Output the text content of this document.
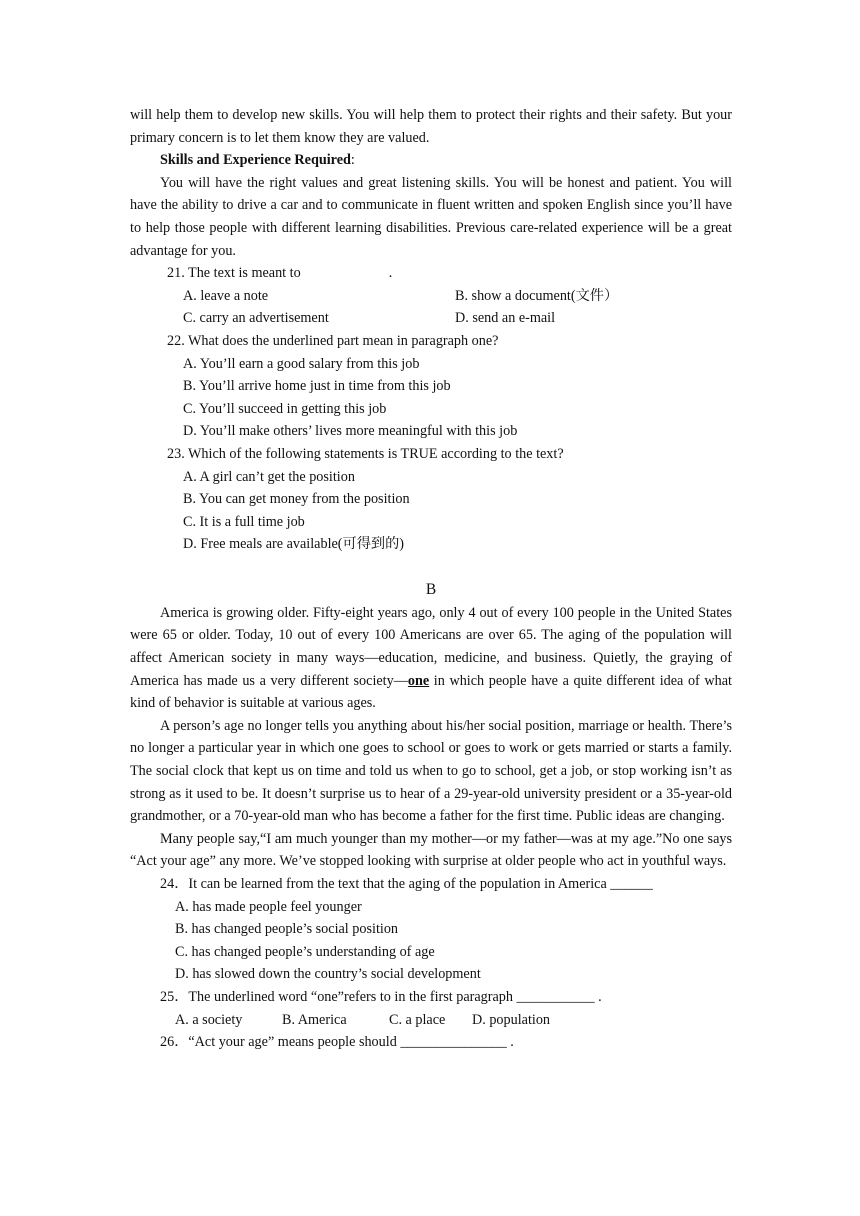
will help them to develop new skills. You will help them to protect their rights and their safety. But your primary concern is to let them know they are valued.

Skills and Experience Required:

You will have the right values and great listening skills. You will be honest and patient. You will have the ability to drive a car and to communicate in fluent written and spoken English since you’ll have to help those people with different learning disabilities. Previous care-related experience will be a great advantage for you.

21. The text is meant to	.

A. leave a note	B. show a document(文件）
C. carry an advertisement	D. send an e-mail

22. What does the underlined part mean in paragraph one?

A. You’ll earn a good salary from this job

B. You’ll arrive home just in time from this job

C. You’ll succeed in getting this job

D. You’ll make others’ lives more meaningful with this job

23. Which of the following statements is TRUE according to the text?

A. A girl can’t get the position

B. You can get money from the position

C. It is a full time job

D. Free meals are available(可得到的)

B

America is growing older. Fifty-eight years ago, only 4 out of every 100 people in the United States were 65 or older. Today, 10 out of every 100 Americans are over 65. The aging of the population will affect American society in many ways—education, medicine, and business. Quietly, the graying of America has made us a very different society—one in which people have a quite different idea of what kind of behavior is suitable at various ages.

A person’s age no longer tells you anything about his/her social position, marriage or health. There’s no longer a particular year in which one goes to school or goes to work or gets married or starts a family. The social clock that kept us on time and told us when to go to school, get a job, or stop working isn’t as strong as it used to be. It doesn’t surprise us to hear of a 29-year-old university president or a 35-year-old grandmother, or a 70-year-old man who has become a father for the first time. Public ideas are changing.

Many people say,“I am much younger than my mother—or my father—was at my age.”No one says “Act your age” any more. We’ve stopped looking with surprise at older people who act in youthful ways.

24．It can be learned from the text that the aging of the population in America ______

A. has made people feel younger

B. has changed people’s social position

C. has changed people’s understanding of age

D. has slowed down the country’s social development

25．The underlined word “one”refers to in the first paragraph ___________ .

A. a society	B. America	C. a place D. population

26．“Act your age” means people should _______________ .
